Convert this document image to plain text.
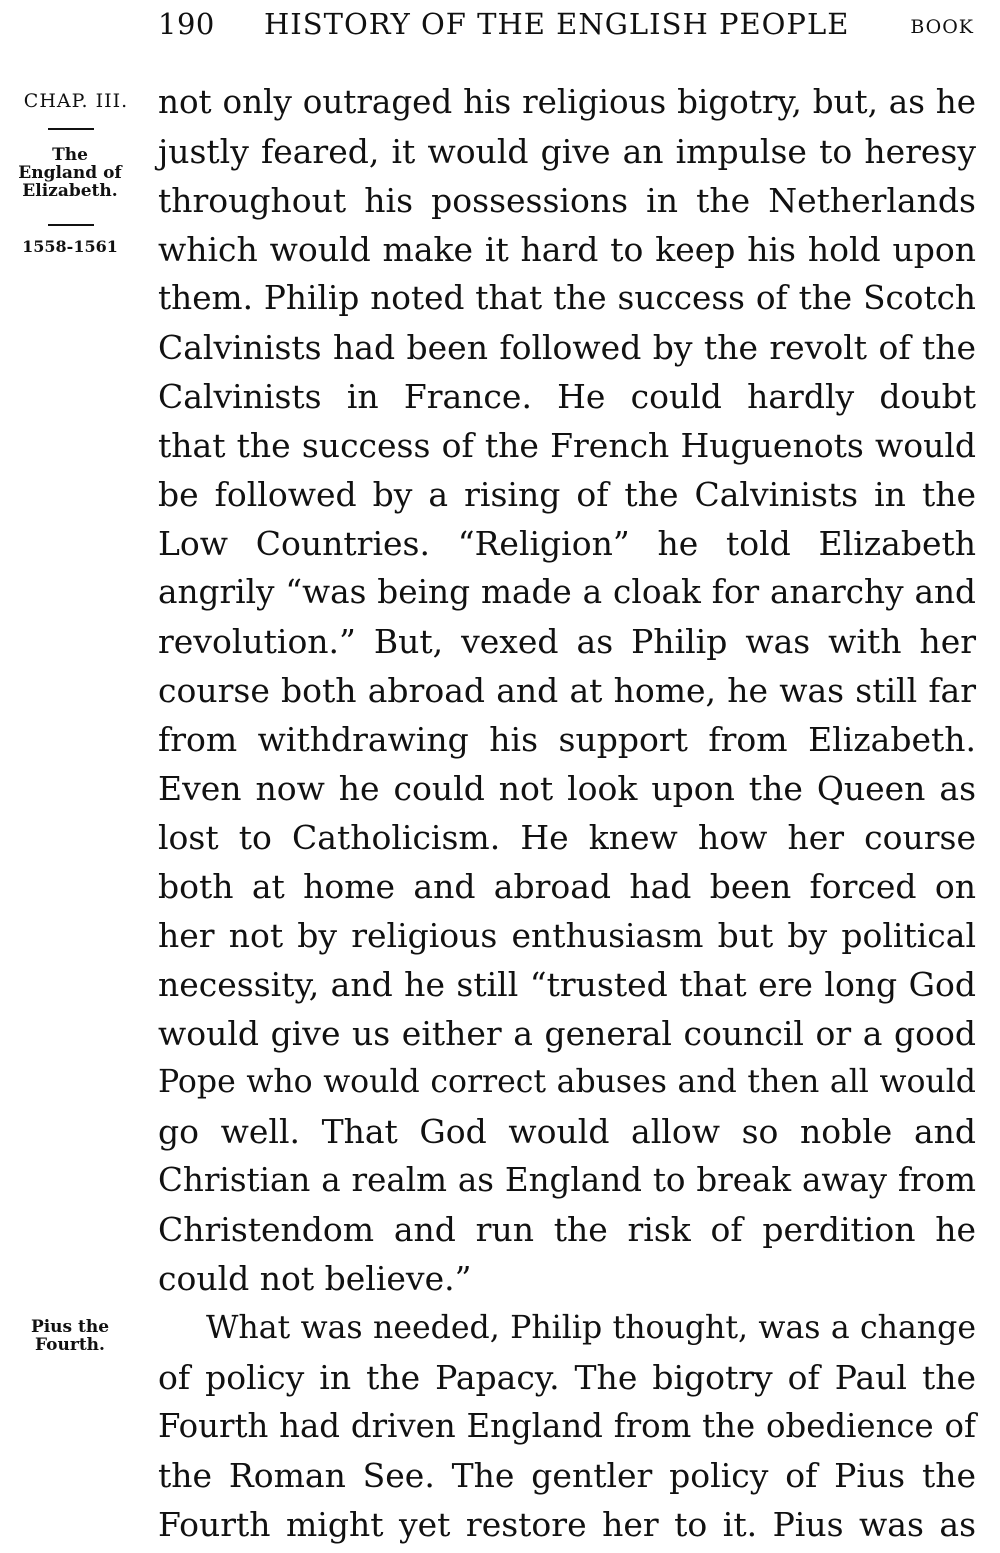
190 HISTORY OF THE ENGLISH PEOPLE	BOOK
CHAP. III.
The
England of
Elizabeth.
1558-1561
Pius the
Fourth.
not only outraged his religious bigotry, but, as he
justly feared, it would give an impulse to heresy
throughout his possessions in the Netherlands
which would make it hard to keep his hold upon
them. Philip noted that the success of the Scotch
Calvinists had been followed by the revolt of the
Calvinists in France. He could hardly doubt
that the success of the French Huguenots would
be followed by a rising of the Calvinists in the
Low Countries. “Religion” he told Elizabeth
angrily “was being made a cloak for anarchy and
revolution.” But, vexed as Philip was with her
course both abroad and at home, he was still far
from withdrawing his support from Elizabeth.
Even now he could not look upon the Queen as
lost to Catholicism. He knew how her course
both at home and abroad had been forced on
her not by religious enthusiasm but by political
necessity, and he still “trusted that ere long God
would give us either a general council or a good
Pope who would correct abuses and then all would
go well. That God would allow so noble and
Christian a realm as England to break away from
Christendom and run the risk of perdition he
could not believe.”
What was needed, Philip thought, was a change
of policy in the Papacy. The bigotry of Paul the
Fourth had driven England from the obedience of
the Roman See. The gentler policy of Pius the
Fourth might yet restore her to it. Pius was as
